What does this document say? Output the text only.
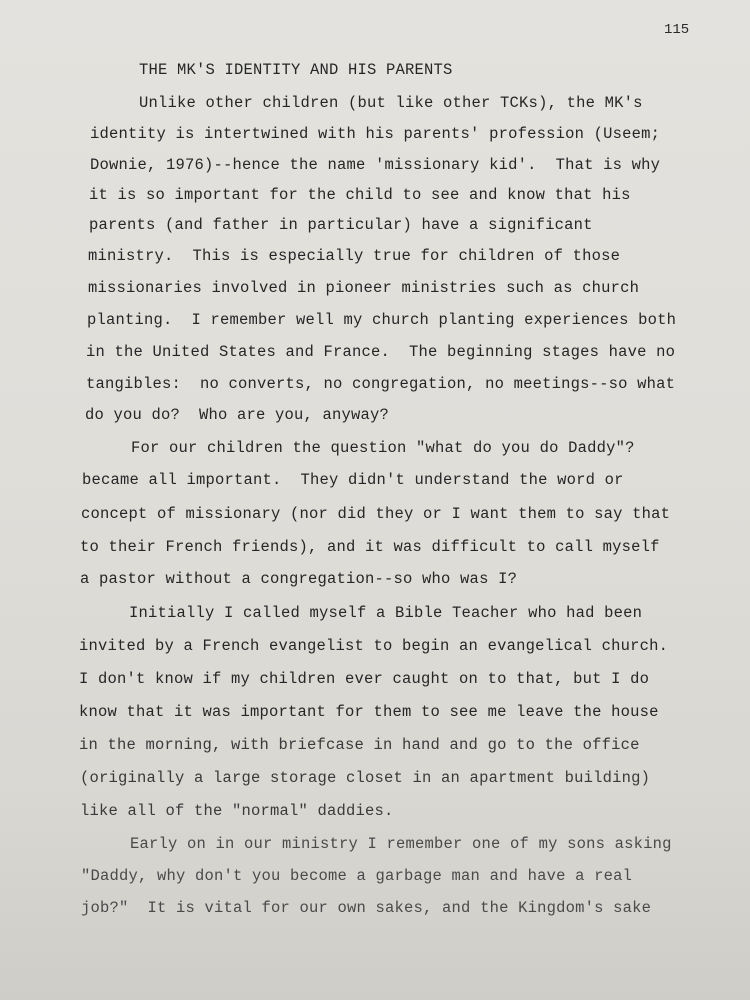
115
THE MK'S IDENTITY AND HIS PARENTS
Unlike other children (but like other TCKs), the MK's
identity is intertwined with his parents' profession (Useem;
Downie, 1976)--hence the name 'missionary kid'.  That is why
it is so important for the child to see and know that his
parents (and father in particular) have a significant
ministry.  This is especially true for children of those
missionaries involved in pioneer ministries such as church
planting.  I remember well my church planting experiences both
in the United States and France.  The beginning stages have no
tangibles:  no converts, no congregation, no meetings--so what
do you do?  Who are you, anyway?
For our children the question "what do you do Daddy"?
became all important.  They didn't understand the word or
concept of missionary (nor did they or I want them to say that
to their French friends), and it was difficult to call myself
a pastor without a congregation--so who was I?
Initially I called myself a Bible Teacher who had been
invited by a French evangelist to begin an evangelical church.
I don't know if my children ever caught on to that, but I do
know that it was important for them to see me leave the house
in the morning, with briefcase in hand and go to the office
(originally a large storage closet in an apartment building)
like all of the "normal" daddies.
Early on in our ministry I remember one of my sons asking
"Daddy, why don't you become a garbage man and have a real
job?"  It is vital for our own sakes, and the Kingdom's sake
